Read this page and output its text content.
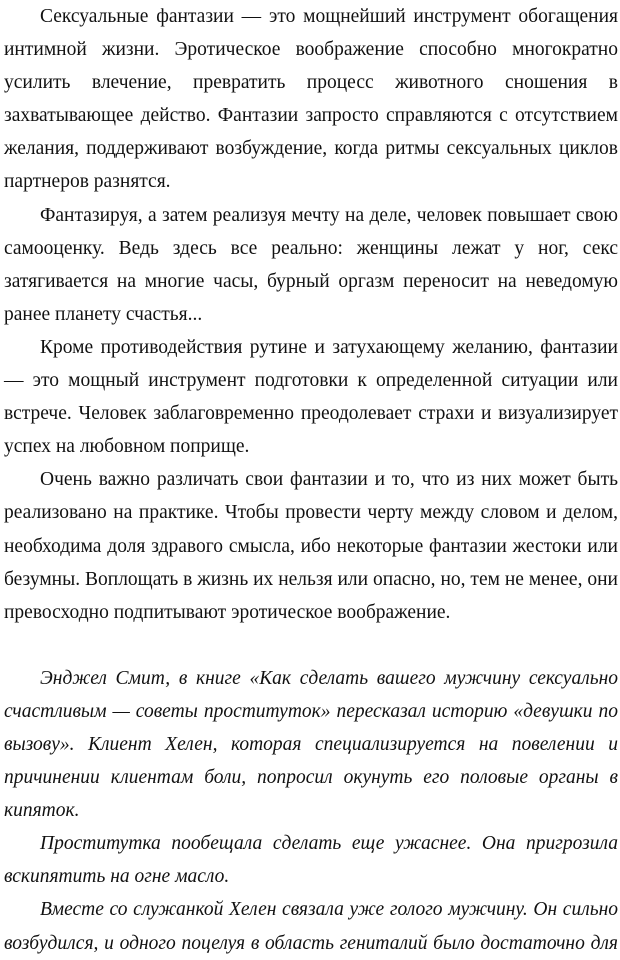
Сексуальные фантазии — это мощнейший инструмент обогащения интимной жизни. Эротическое воображение способно многократно усилить влечение, превратить процесс животного сношения в захватывающее действо. Фантазии запросто справляются с отсутствием желания, поддерживают возбуждение, когда ритмы сексуальных циклов партнеров разнятся.

Фантазируя, а затем реализуя мечту на деле, человек повышает свою самооценку. Ведь здесь все реально: женщины лежат у ног, секс затягивается на многие часы, бурный оргазм переносит на неведомую ранее планету счастья...

Кроме противодействия рутине и затухающему желанию, фантазии — это мощный инструмент подготовки к определенной ситуации или встрече. Человек заблаговременно преодолевает страхи и визуализирует успех на любовном поприще.

Очень важно различать свои фантазии и то, что из них может быть реализовано на практике. Чтобы провести черту между словом и делом, необходима доля здравого смысла, ибо некоторые фантазии жестоки или безумны. Воплощать в жизнь их нельзя или опасно, но, тем не менее, они превосходно подпитывают эротическое воображение.

Энджел Смит, в книге «Как сделать вашего мужчину сексуально счастливым — советы проституток» пересказал историю «девушки по вызову». Клиент Хелен, которая специализируется на повелении и причинении клиентам боли, попросил окунуть его половые органы в кипяток.

Проститутка пообещала сделать еще ужаснее. Она пригрозила вскипятить на огне масло.

Вместе со служанкой Хелен связала уже голого мужчину. Он сильно возбудился, и одного поцелуя в область гениталий было достаточно для
